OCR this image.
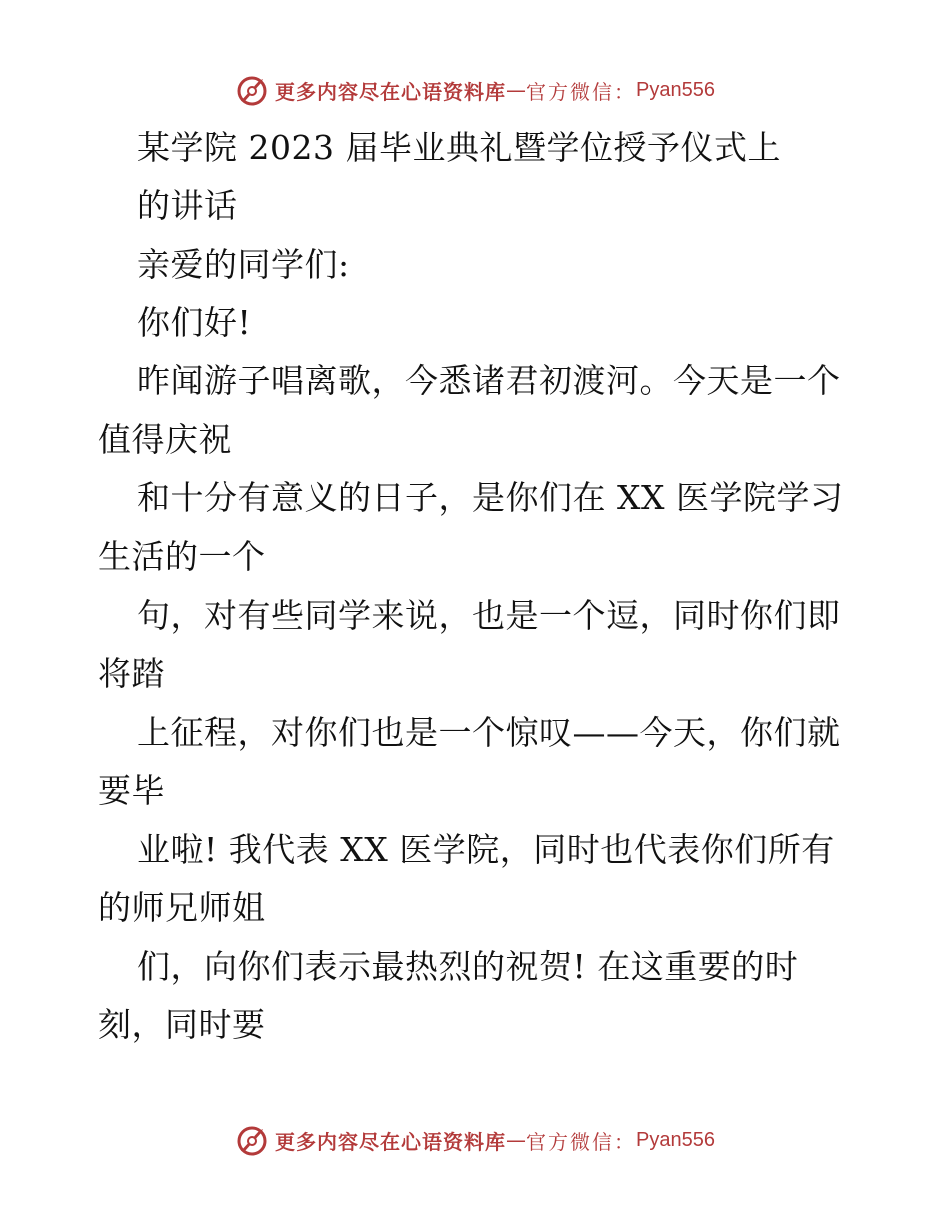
更多内容尽在心语资料库 — 官方微信： Pyan556
某学院 2023 届毕业典礼暨学位授予仪式上
的讲话
亲爱的同学们:
你们好!
昨闻游子唱离歌，今悉诸君初渡河。今天是一个
值得庆祝
和十分有意义的日子，是你们在 XX 医学院学习
生活的一个
句，对有些同学来说，也是一个逗，同时你们即
将踏
上征程，对你们也是一个惊叹——今天，你们就
要毕
业啦! 我代表 XX 医学院，同时也代表你们所有
的师兄师姐
们，向你们表示最热烈的祝贺! 在这重要的时
刻，同时要
更多内容尽在心语资料库 — 官方微信： Pyan556
